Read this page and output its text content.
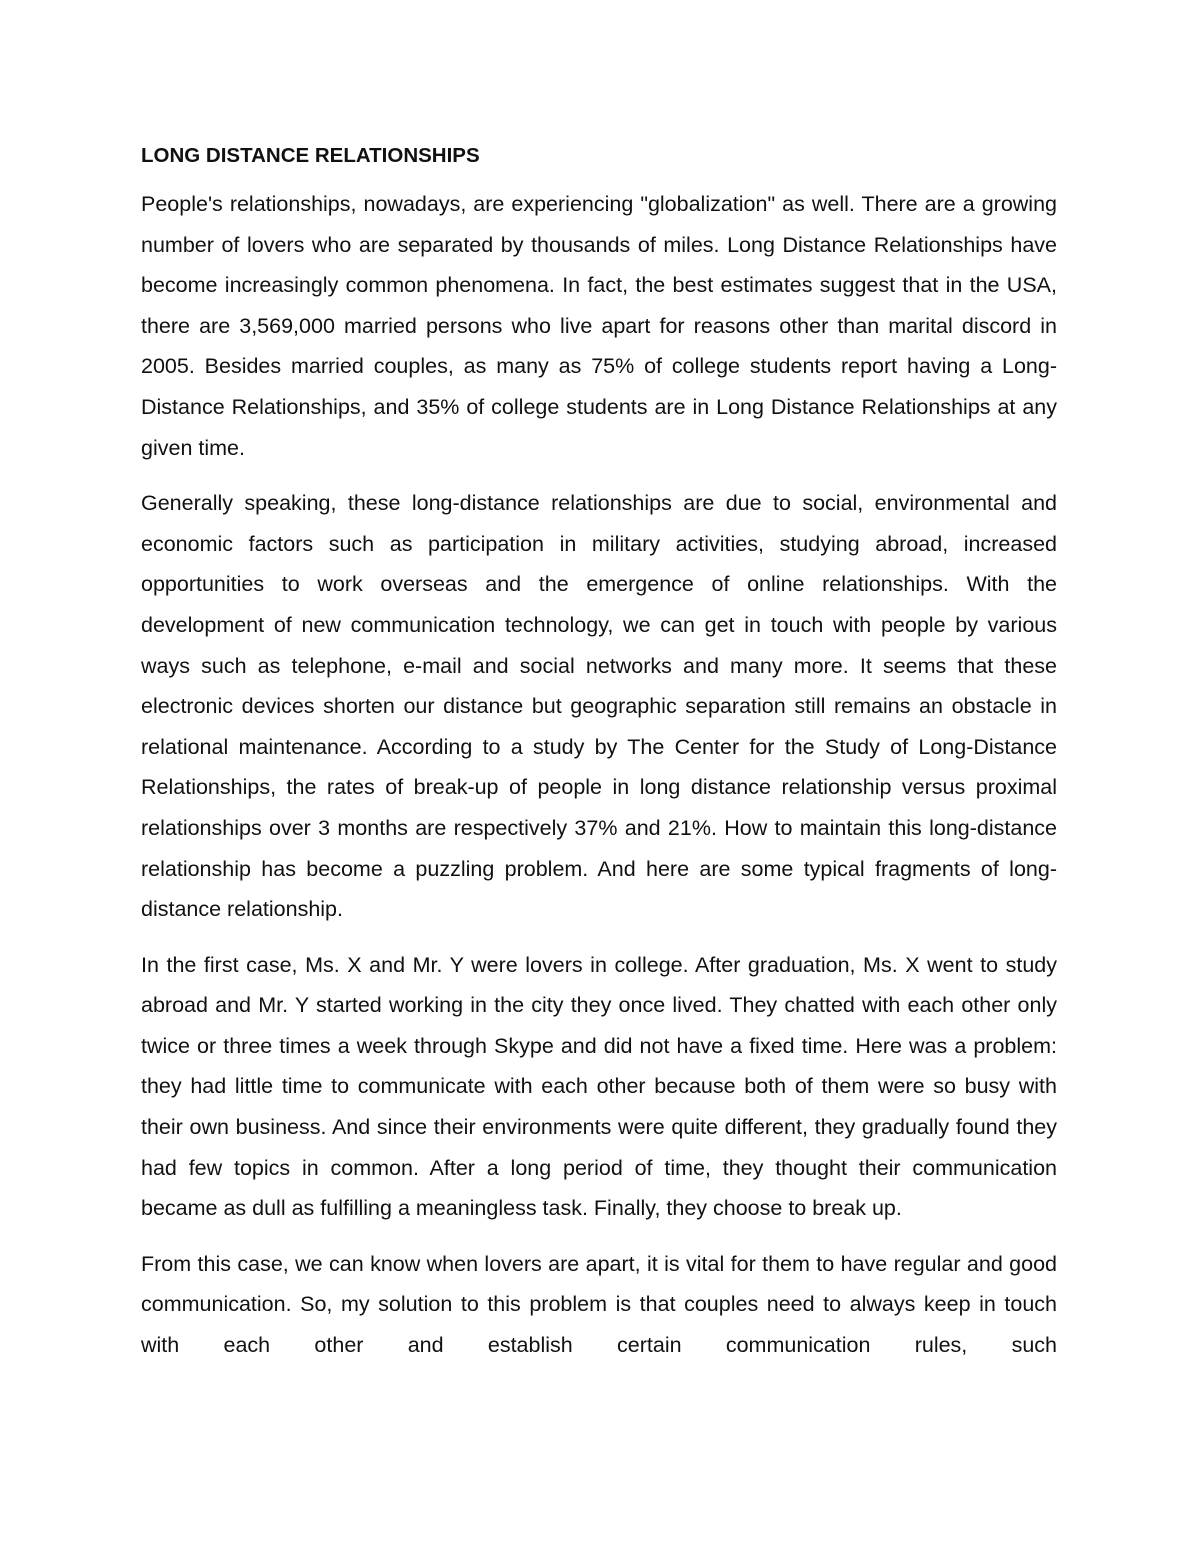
LONG DISTANCE RELATIONSHIPS

People's relationships, nowadays, are experiencing "globalization" as well. There are a growing number of lovers who are separated by thousands of miles. Long Distance Relationships have become increasingly common phenomena. In fact, the best estimates suggest that in the USA, there are 3,569,000 married persons who live apart for reasons other than marital discord in 2005. Besides married couples, as many as 75% of college students report having a Long-Distance Relationships, and 35% of college students are in Long Distance Relationships at any given time.

Generally speaking, these long-distance relationships are due to social, environmental and economic factors such as participation in military activities, studying abroad, increased opportunities to work overseas and the emergence of online relationships. With the development of new communication technology, we can get in touch with people by various ways such as telephone, e-mail and social networks and many more. It seems that these electronic devices shorten our distance but geographic separation still remains an obstacle in relational maintenance. According to a study by The Center for the Study of Long-Distance Relationships, the rates of break-up of people in long distance relationship versus proximal relationships over 3 months are respectively 37% and 21%. How to maintain this long-distance relationship has become a puzzling problem. And here are some typical fragments of long-distance relationship.

In the first case, Ms. X and Mr. Y were lovers in college. After graduation, Ms. X went to study abroad and Mr. Y started working in the city they once lived. They chatted with each other only twice or three times a week through Skype and did not have a fixed time. Here was a problem: they had little time to communicate with each other because both of them were so busy with their own business. And since their environments were quite different, they gradually found they had few topics in common. After a long period of time, they thought their communication became as dull as fulfilling a meaningless task. Finally, they choose to break up.

From this case, we can know when lovers are apart, it is vital for them to have regular and good communication. So, my solution to this problem is that couples need to always keep in touch with each other and establish certain communication rules, such
